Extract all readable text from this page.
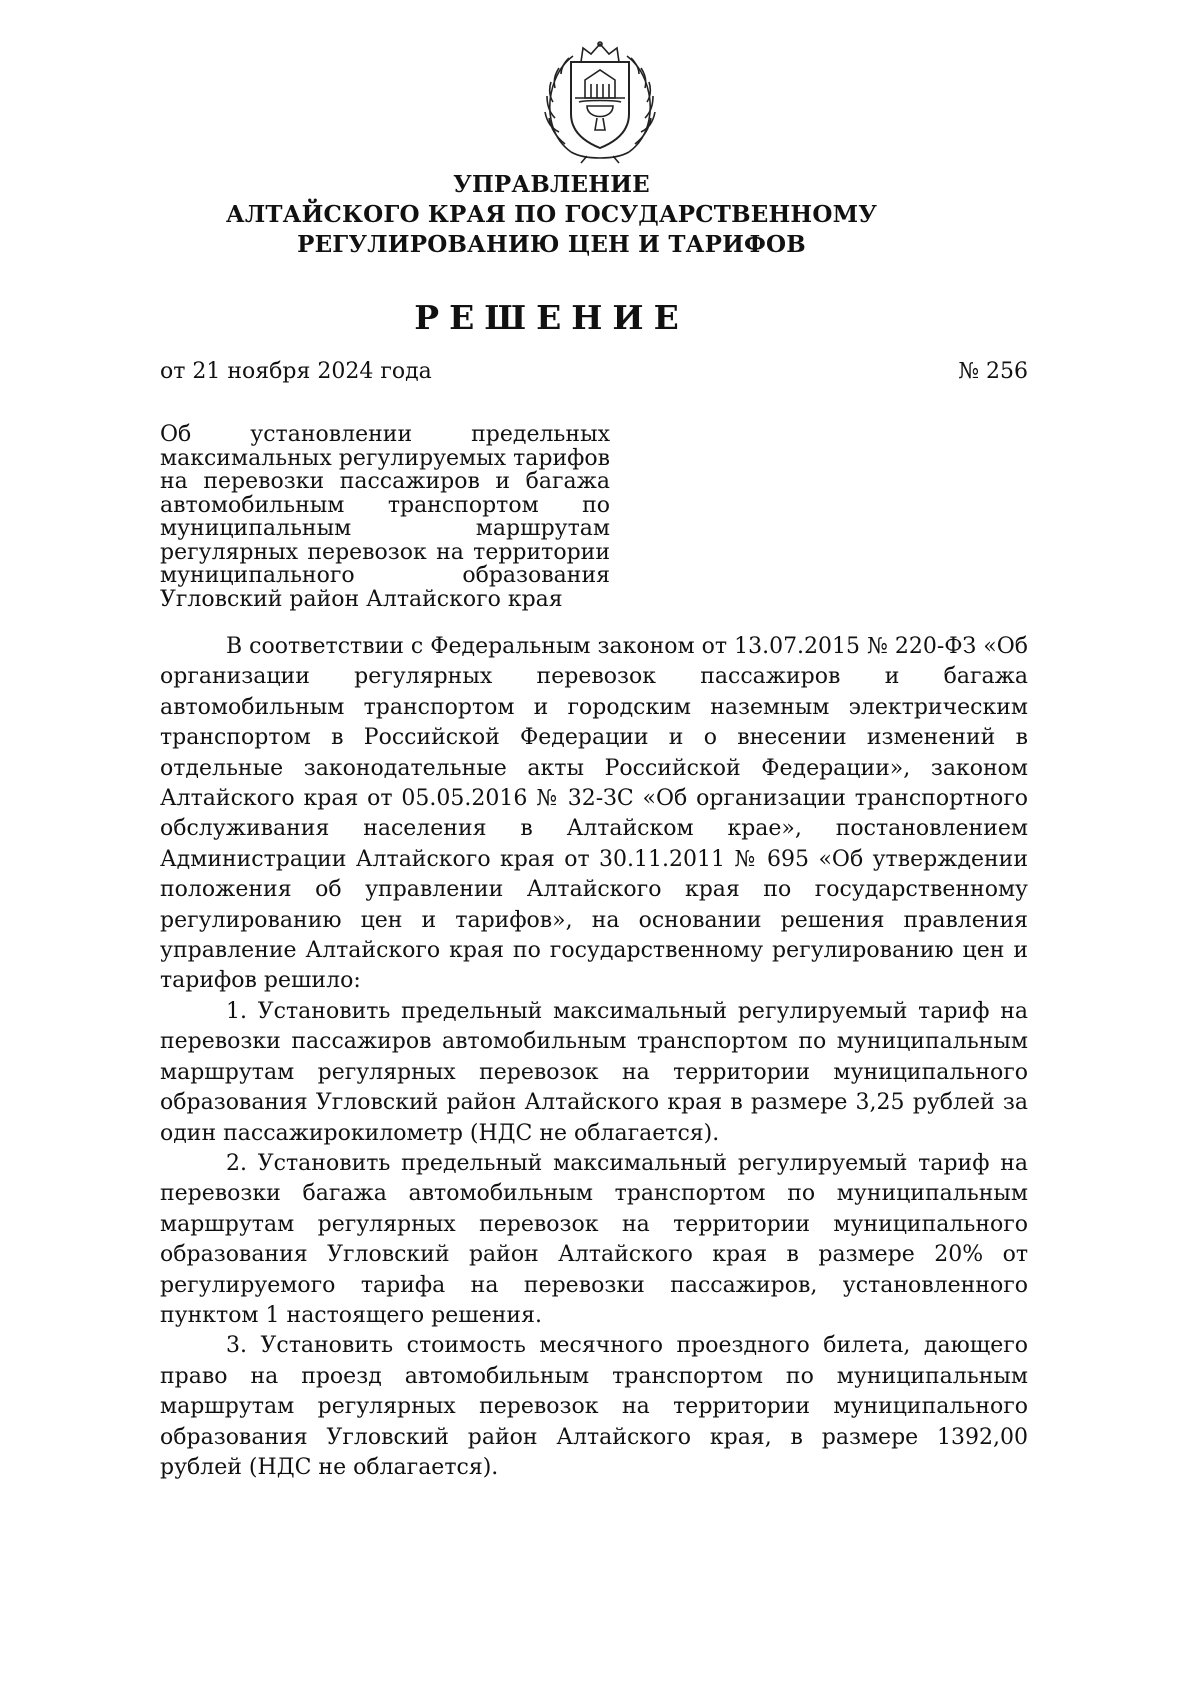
УПРАВЛЕНИЕ
АЛТАЙСКОГО КРАЯ ПО ГОСУДАРСТВЕННОМУ
РЕГУЛИРОВАНИЮ ЦЕН И ТАРИФОВ
РЕШЕНИЕ
от 21 ноября 2024 года	№ 256
Об установлении предельных
максимальных регулируемых тарифов
на перевозки пассажиров и багажа
автомобильным транспортом по
муниципальным маршрутам
регулярных перевозок на территории
муниципального образования
Угловский район Алтайского края

В соответствии с Федеральным законом от 13.07.2015 № 220-ФЗ «Об организации регулярных перевозок пассажиров и багажа автомобильным транспортом и городским наземным электрическим транспортом в Российской Федерации и о внесении изменений в отдельные законодательные акты Российской Федерации», законом Алтайского края от 05.05.2016 № 32-ЗС «Об организации транспортного обслуживания населения в Алтайском крае», постановлением Администрации Алтайского края от 30.11.2011 № 695 «Об утверждении положения об управлении Алтайского края по государственному регулированию цен и тарифов», на основании решения правления управление Алтайского края по государственному регулированию цен и тарифов решило:

1. Установить предельный максимальный регулируемый тариф на перевозки пассажиров автомобильным транспортом по муниципальным маршрутам регулярных перевозок на территории муниципального образования Угловский район Алтайского края в размере 3,25 рублей за один пассажирокилометр (НДС не облагается).

2. Установить предельный максимальный регулируемый тариф на перевозки багажа автомобильным транспортом по муниципальным маршрутам регулярных перевозок на территории муниципального образования Угловский район Алтайского края в размере 20% от регулируемого тарифа на перевозки пассажиров, установленного пунктом 1 настоящего решения.

3. Установить стоимость месячного проездного билета, дающего право на проезд автомобильным транспортом по муниципальным маршрутам регулярных перевозок на территории муниципального образования Угловский район Алтайского края, в размере 1392,00 рублей (НДС не облагается).
